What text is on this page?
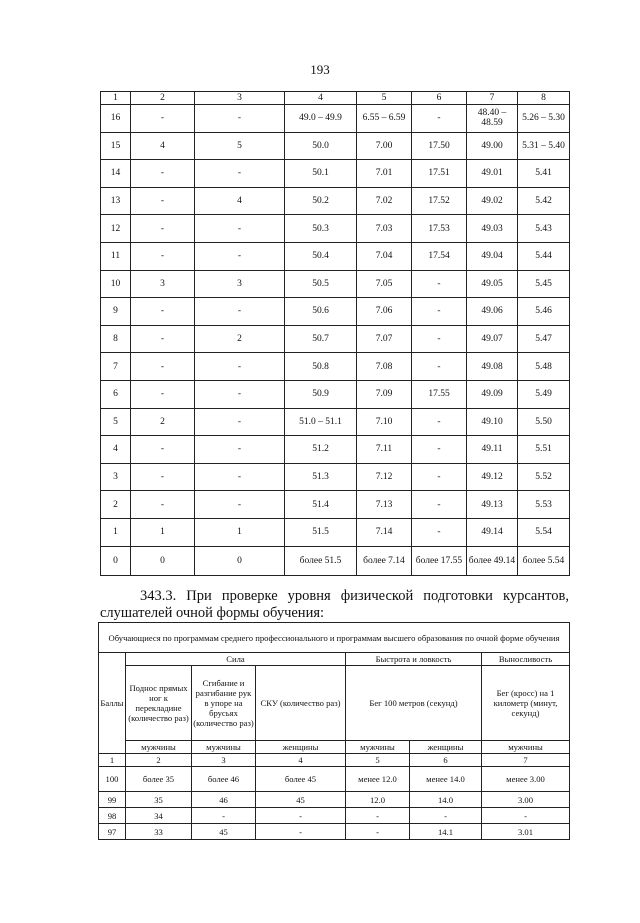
193
1	2	3	4	5	6	7	8
16	-	-	49.0 – 49.9	6.55 – 6.59	-	48.40 – 48.59	5.26 – 5.30
15	4	5	50.0	7.00	17.50	49.00	5.31 – 5.40
14	-	-	50.1	7.01	17.51	49.01	5.41
13	-	4	50.2	7.02	17.52	49.02	5.42
12	-	-	50.3	7.03	17.53	49.03	5.43
11	-	-	50.4	7.04	17.54	49.04	5.44
10	3	3	50.5	7.05	-	49.05	5.45
9	-	-	50.6	7.06	-	49.06	5.46
8	-	2	50.7	7.07	-	49.07	5.47
7	-	-	50.8	7.08	-	49.08	5.48
6	-	-	50.9	7.09	17.55	49.09	5.49
5	2	-	51.0 – 51.1	7.10	-	49.10	5.50
4	-	-	51.2	7.11	-	49.11	5.51
3	-	-	51.3	7.12	-	49.12	5.52
2	-	-	51.4	7.13	-	49.13	5.53
1	1	1	51.5	7.14	-	49.14	5.54
0	0	0	более 51.5	более 7.14	более 17.55	более 49.14	более 5.54
343.3. При проверке уровня физической подготовки курсантов,
слушателей очной формы обучения:
Обучающиеся по программам среднего профессионального и программам высшего образования по очной форме обучения						
Баллы	Сила			Быстрота и ловкость		Выносливость
	Поднос прямых ног к перекладине (количество раз)	Сгибание и разгибание рук в упоре на брусьях (количество раз)	СКУ (количество раз)	Бег 100 метров (секунд)		Бег (кросс) на 1 километр (минут, секунд)
	мужчины	мужчины	женщины	мужчины	женщины	мужчины
1	2	3	4	5	6	7
100	более 35	более 46	более 45	менее 12.0	менее 14.0	менее 3.00
99	35	46	45	12.0	14.0	3.00
98	34	-	-	-	-	-
97	33	45	-	-	14.1	3.01
